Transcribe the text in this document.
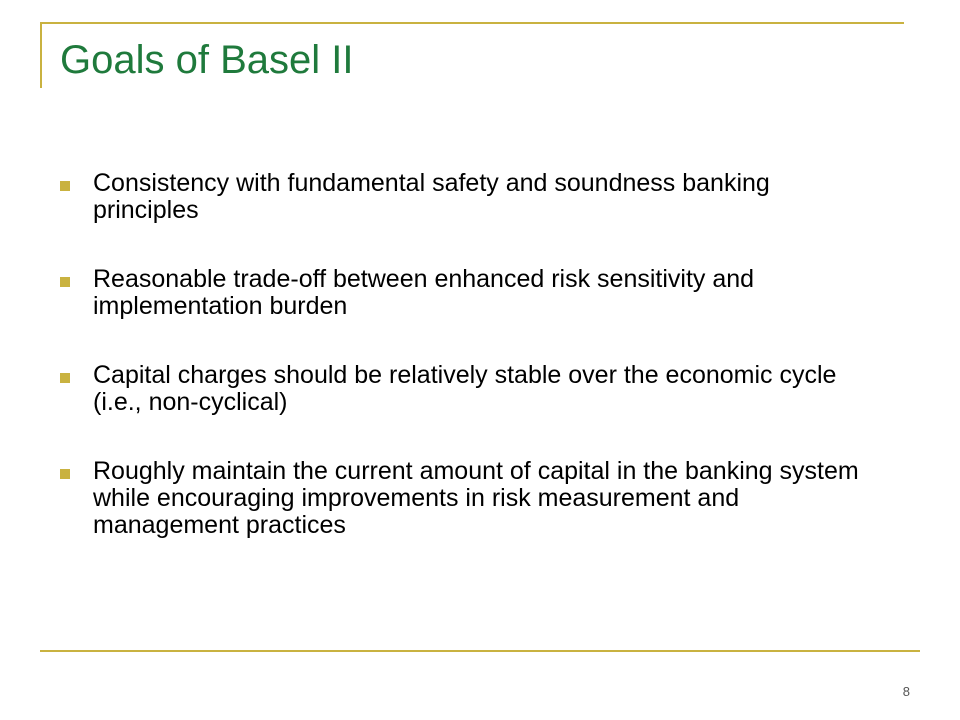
Goals of Basel II
Consistency with fundamental safety and soundness banking principles
Reasonable trade-off between enhanced risk sensitivity and implementation burden
Capital charges should be relatively stable over the economic cycle (i.e., non-cyclical)
Roughly maintain the current amount of capital in the banking system while encouraging improvements in risk measurement and management practices
8
